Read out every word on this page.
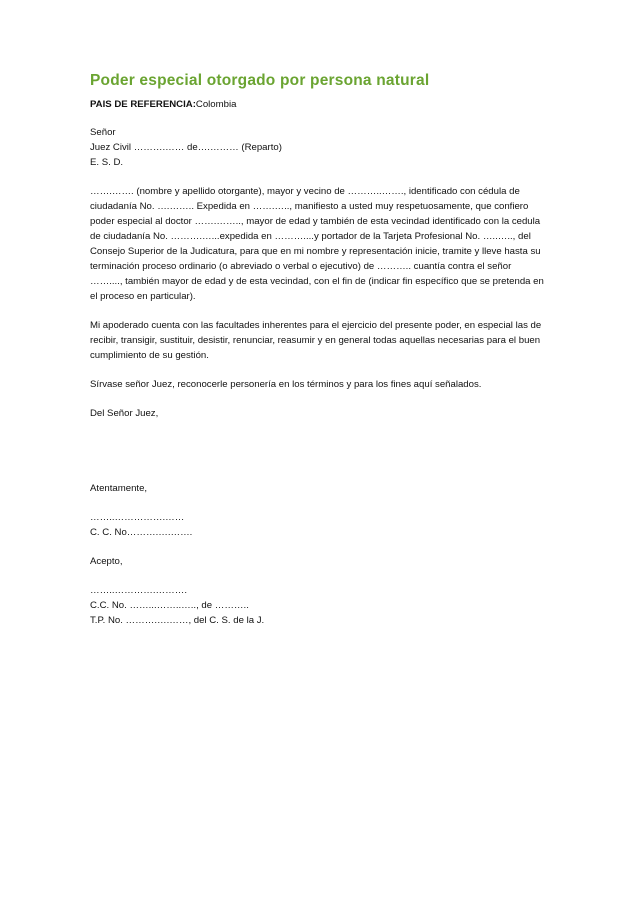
Poder especial otorgado por persona natural

PAIS DE REFERENCIA:Colombia

Señor

Juez Civil ……….…… de….……… (Reparto)

E. S. D.

…….……. (nombre y apellido otorgante), mayor y vecino de ………..……., identificado con cédula de

ciudadanía No. ….…….. Expedida en …….….., manifiesto a usted muy respetuosamente, que confiero

poder especial al doctor …….…….., mayor de edad y también de esta vecindad identificado con la cedula

de ciudadanía No. ……….…...expedida en ………....y portador de la Tarjeta Profesional No. …..….., del

Consejo Superior de la Judicatura, para que en mi nombre y representación inicie, tramite y lleve hasta su

terminación proceso ordinario (o abreviado o verbal o ejecutivo) de ……….. cuantía contra el señor

……...., también mayor de edad y de esta vecindad, con el fin de (indicar fin específico que se pretenda en

el proceso en particular).

Mi apoderado cuenta con las facultades inherentes para el ejercicio del presente poder, en especial las de

recibir, transigir, sustituir, desistir, renunciar, reasumir y en general todas aquellas necesarias para el buen

cumplimiento de su gestión.

Sírvase señor Juez, reconocerle personería en los términos y para los fines aquí señalados.

Del Señor Juez,

Atentamente,

……..…………….……

C. C. No……….….…….

Acepto,

……..………….……….

C.C. No. ……...……..….., de ………..

T.P. No. ……….….……, del C. S. de la J.
